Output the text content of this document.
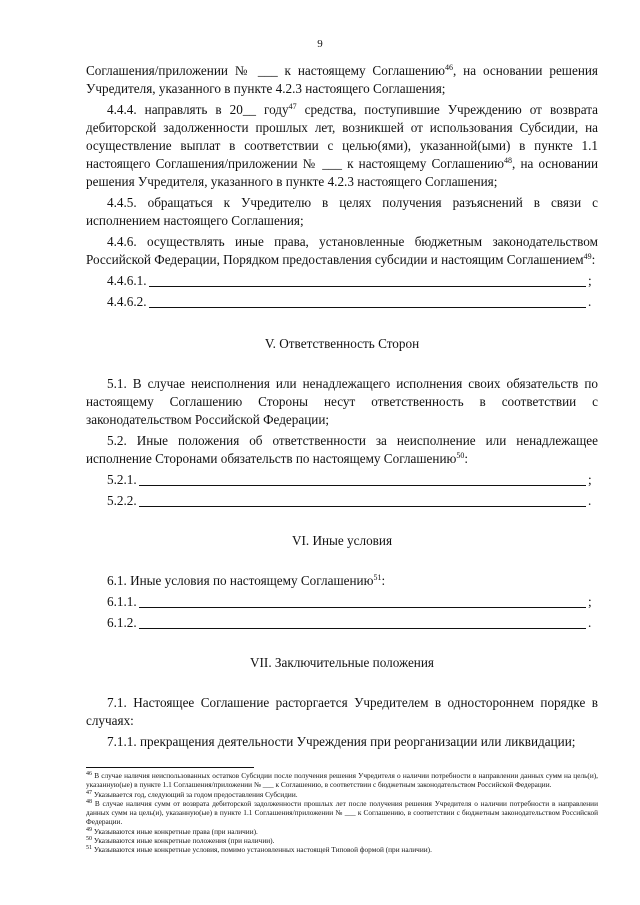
9

Соглашения/приложении № ___ к настоящему Соглашению$^{46}$, на основании решения Учредителя, указанного в пункте 4.2.3 настоящего Соглашения;

4.4.4. направлять в 20__ году$^{47}$ средства, поступившие Учреждению от возврата дебиторской задолженности прошлых лет, возникшей от использования Субсидии, на осуществление выплат в соответствии с целью(ями), указанной(ыми) в пункте 1.1 настоящего Соглашения/приложении № ___ к настоящему Соглашению$^{48}$, на основании решения Учредителя, указанного в пункте 4.2.3 настоящего Соглашения;

4.4.5. обращаться к Учредителю в целях получения разъяснений в связи с исполнением настоящего Соглашения;

4.4.6. осуществлять иные права, установленные бюджетным законодательством Российской Федерации, Порядком предоставления субсидии и настоящим Соглашением$^{49}$:

4.4.6.1.	;
4.4.6.2.	.

V. Ответственность Сторон

5.1. В случае неисполнения или ненадлежащего исполнения своих обязательств по настоящему Соглашению Стороны несут ответственность в соответствии с законодательством Российской Федерации;

5.2. Иные положения об ответственности за неисполнение или ненадлежащее исполнение Сторонами обязательств по настоящему Соглашению$^{50}$:

5.2.1.	;
5.2.2.	.

VI. Иные условия

6.1. Иные условия по настоящему Соглашению$^{51}$:

6.1.1.	;
6.1.2.	.

VII. Заключительные положения

7.1. Настоящее Соглашение расторгается Учредителем в одностороннем порядке в случаях:

7.1.1. прекращения деятельности Учреждения при реорганизации или ликвидации;

$^{46}$ В случае наличия неиспользованных остатков Субсидии после получения решения Учредителя о наличии потребности в направлении данных сумм на цель(и), указанную(ые) в пункте 1.1 Соглашения/приложении № ___ к Соглашению, в соответствии с бюджетным законодательством Российской Федерации.

$^{47}$ Указывается год, следующий за годом предоставления Субсидии.

$^{48}$ В случае наличия сумм от возврата дебиторской задолженности прошлых лет после получения решения Учредителя о наличии потребности в направлении данных сумм на цель(и), указанную(ые) в пункте 1.1 Соглашения/приложении № ___ к Соглашению, в соответствии с бюджетным законодательством Российской Федерации.

$^{49}$ Указываются иные конкретные права (при наличии).

$^{50}$ Указываются иные конкретные положения (при наличии).

$^{51}$ Указываются иные конкретные условия, помимо установленных настоящей Типовой формой (при наличии).
